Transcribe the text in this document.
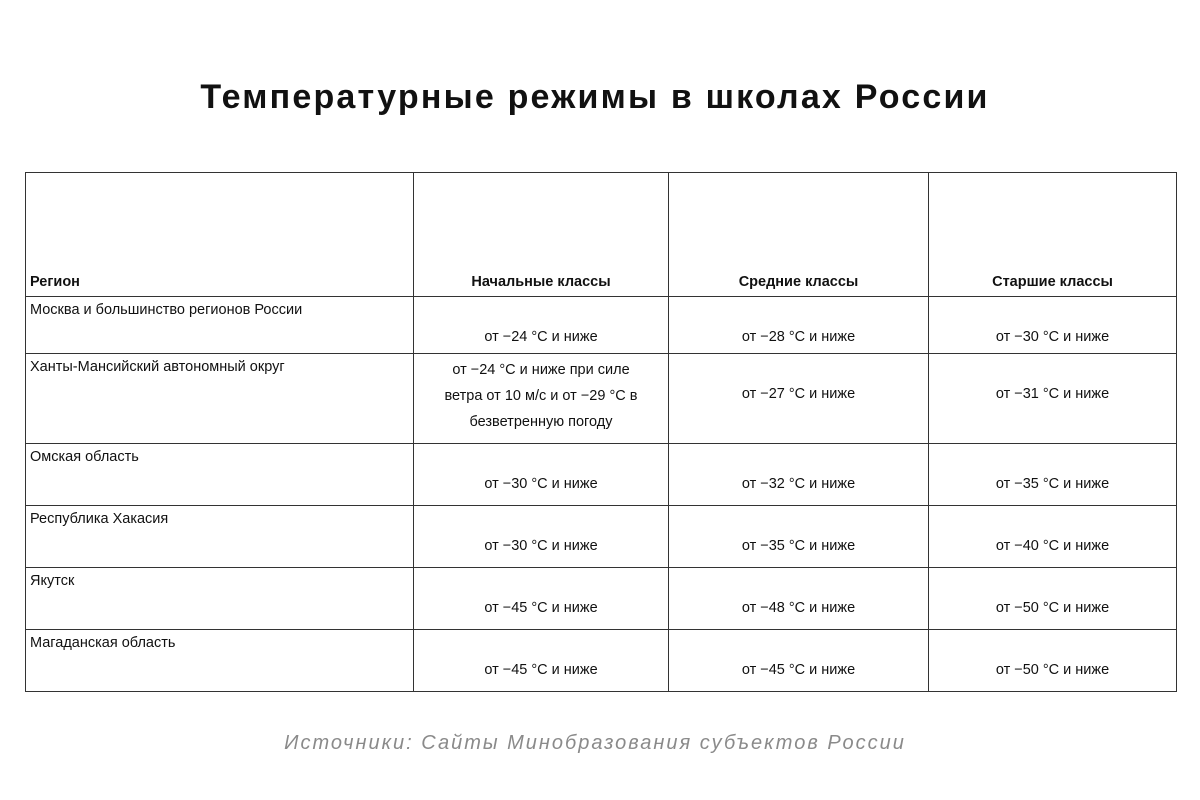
Температурные режимы в школах России
Регион	Начальные классы	Средние классы	Старшие классы
Москва и большинство регионов России	от −24 °C и ниже	от −28 °C и ниже	от −30 °C и ниже
Ханты-Мансийский автономный округ	от −24 °C и ниже при силе ветра от 10 м/с и от −29 °C в безветренную погоду	от −27 °C и ниже	от −31 °C и ниже
Омская область	от −30 °C и ниже	от −32 °C и ниже	от −35 °C и ниже
Республика Хакасия	от −30 °C и ниже	от −35 °C и ниже	от −40 °C и ниже
Якутск	от −45 °C и ниже	от −48 °C и ниже	от −50 °C и ниже
Магаданская область	от −45 °C и ниже	от −45 °C и ниже	от −50 °C и ниже
Источники: Сайты Минобразования субъектов России
